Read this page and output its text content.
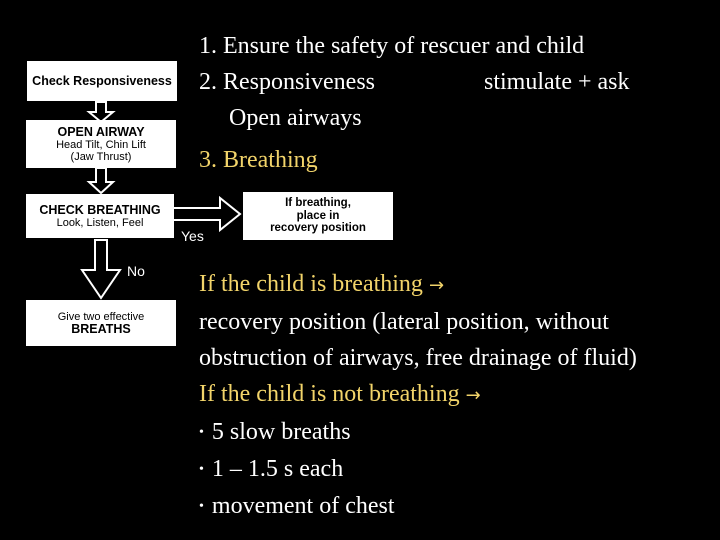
Check Responsiveness
OPEN AIRWAY
Head Tilt, Chin Lift
(Jaw Thrust)
CHECK BREATHING
Look, Listen, Feel
If breathing,
place in
recovery position
Give two effective
BREATHS
Yes
No
1. Ensure the safety of rescuer and child
2. Responsiveness	stimulate + ask
Open airways
3. Breathing
If the child is breathing →
recovery position (lateral position, without
obstruction of airways, free drainage of fluid)
If the child is not breathing →
• 5 slow breaths
• 1 – 1.5 s each
• movement of chest
